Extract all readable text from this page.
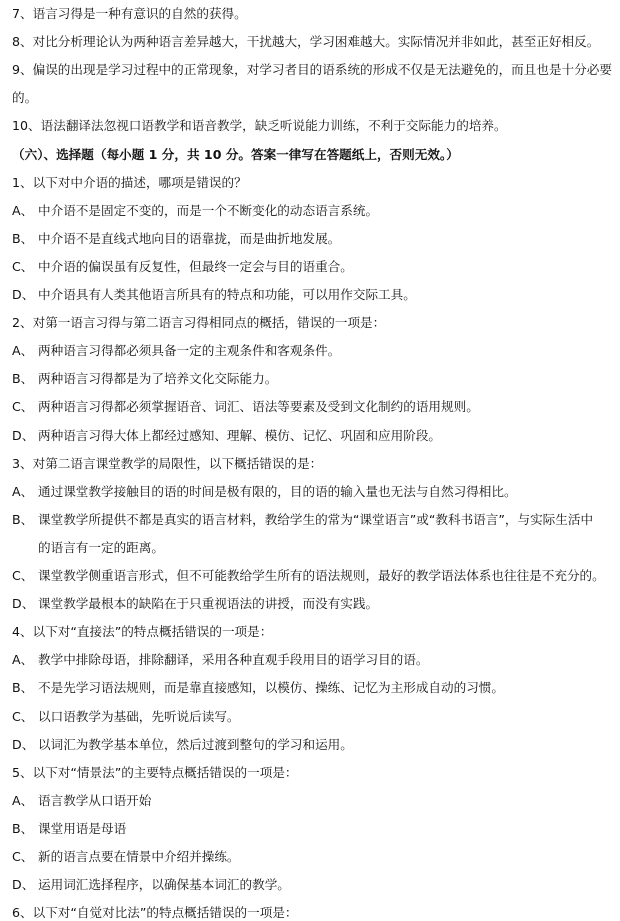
7、语言习得是一种有意识的自然的获得。
8、对比分析理论认为两种语言差异越大，干扰越大，学习困难越大。实际情况并非如此，甚至正好相反。
9、偏误的出现是学习过程中的正常现象，对学习者目的语系统的形成不仅是无法避免的，而且也是十分必要
的。
10、语法翻译法忽视口语教学和语音教学，缺乏听说能力训练，不利于交际能力的培养。
（六）、选择题（每小题 1 分，共 10 分。答案一律写在答题纸上，否则无效。）
1、以下对中介语的描述，哪项是错误的？
A、 中介语不是固定不变的，而是一个不断变化的动态语言系统。
B、 中介语不是直线式地向目的语靠拢，而是曲折地发展。
C、 中介语的偏误虽有反复性，但最终一定会与目的语重合。
D、 中介语具有人类其他语言所具有的特点和功能，可以用作交际工具。
2、对第一语言习得与第二语言习得相同点的概括，错误的一项是：
A、 两种语言习得都必须具备一定的主观条件和客观条件。
B、 两种语言习得都是为了培养文化交际能力。
C、 两种语言习得都必须掌握语音、词汇、语法等要素及受到文化制约的语用规则。
D、 两种语言习得大体上都经过感知、理解、模仿、记忆、巩固和应用阶段。
3、对第二语言课堂教学的局限性，以下概括错误的是：
A、 通过课堂教学接触目的语的时间是极有限的，目的语的输入量也无法与自然习得相比。
B、 课堂教学所提供不都是真实的语言材料，教给学生的常为“课堂语言”或“教科书语言”，与实际生活中
的语言有一定的距离。
C、 课堂教学侧重语言形式，但不可能教给学生所有的语法规则，最好的教学语法体系也往往是不充分的。
D、 课堂教学最根本的缺陷在于只重视语法的讲授，而没有实践。
4、以下对“直接法”的特点概括错误的一项是：
A、 教学中排除母语，排除翻译，采用各种直观手段用目的语学习目的语。
B、 不是先学习语法规则，而是靠直接感知，以模仿、操练、记忆为主形成自动的习惯。
C、 以口语教学为基础，先听说后读写。
D、 以词汇为教学基本单位，然后过渡到整句的学习和运用。
5、以下对“情景法”的主要特点概括错误的一项是：
A、 语言教学从口语开始
B、 课堂用语是母语
C、 新的语言点要在情景中介绍并操练。
D、 运用词汇选择程序，以确保基本词汇的教学。
6、以下对“自觉对比法”的特点概括错误的一项是：
